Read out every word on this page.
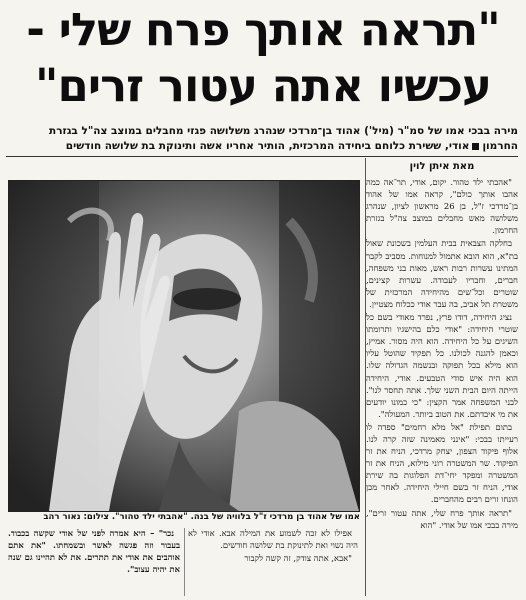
"תראה אותך פרח שלי -
עכשיו אתה עטור זרים"
מירה בבכי אמו של סמ"ר (מיל') אהוד בן־מרדכי שנהרג משלושה פגזי מחבלים במוצב צה"ל בגזרת
החרמוןאודי, ששירת כלוחם ביחידה המרכזית, הותיר אחריו אשה ותינוקת בת שלושה חודשים
אמו של אהוד בן מרדכי ז"ל בלוויה של בנה. "אהבתי ילד טהור". צילום: נאור רהב
מאת איתן לוין

"אהבתי ילד טהור. יקום, אודי, תר־אה כמה אהבו אותך כולם", קראה אמו של אהוד בן־מרדכי ז"ל, בן 26 מראשון לציון, שנהרג משלושה מאש מחבלים במוצב צה"ל בגזרת החרמון.

בחלקה הצבאית בבית העלמין בשכונת שאול בת"א, הוא הובא אתמול למנוחות. מסביב לקבר המתינו עשרות רבות ראש, מאות בני משפחה, חברים, וחבריו לעבודה. עשרות קצינים, שוטרים וכל־שים מהיחידה המרכזית של משטרת תל אביב, בה עבר אודי ככלוח מצטיין.

נציג היחידה, דודו פרץ, נפרד מאודי בשם כל שוטרי היחידה: "אודי כלם בהישגיו ותרומתו השיגים על כל היחידה. הוא היה מסור. אמיץ, וכאמן להגנה לכולנו. כל תפקיד שהוטל עליו הוא מילא בכל תפוקה ובנשמה הגדולה שלו. הוא היה איש סודי הטבעים. אודי, היחידה הייתה היום הבית השני שלך. אתה תחסר לנו". לבני המשפחה אמר הקצין: "כי כמונו יודעים את מי איבדתם. את הטוב ביותר. המעולה".

בתום תפילת "אל מלא רחמים" ספדה לו רעייתו בבכי: "אינני מאמינה שזה קרה לנו. אלוף פיקוד הצפון, יצחק מרדכי, הניח את זר הפיקוד. שר המשטרה רוני מילוא, הניח את זר המשטרה ומפקד יחי־דת הפלוגות בה שירת אודי, הניח זר בשם חיילי היחידה. לאחר מכן הונחו זרים רבים מהחברים.

"תראה אותך פרח שלי, אתה עטור זרים", מירה בבכי אמו של אודי. "הוא

אפילו לא זכה לשמוע את המילה אבא. אודי לא היה נשוי ואת לתינוקת בת שלושה חודשים.

"אבא, אתה צודק, זה קשה לקבור

נכר" – היא אמרה לפני של אודי שקשה בכבוד. בעבור וזה פגשה לאשר ובשמחתו. "את אתם אוהבים את אודי את תתרים. את לא תהיינו גם שנה את יהיה עצוב".
